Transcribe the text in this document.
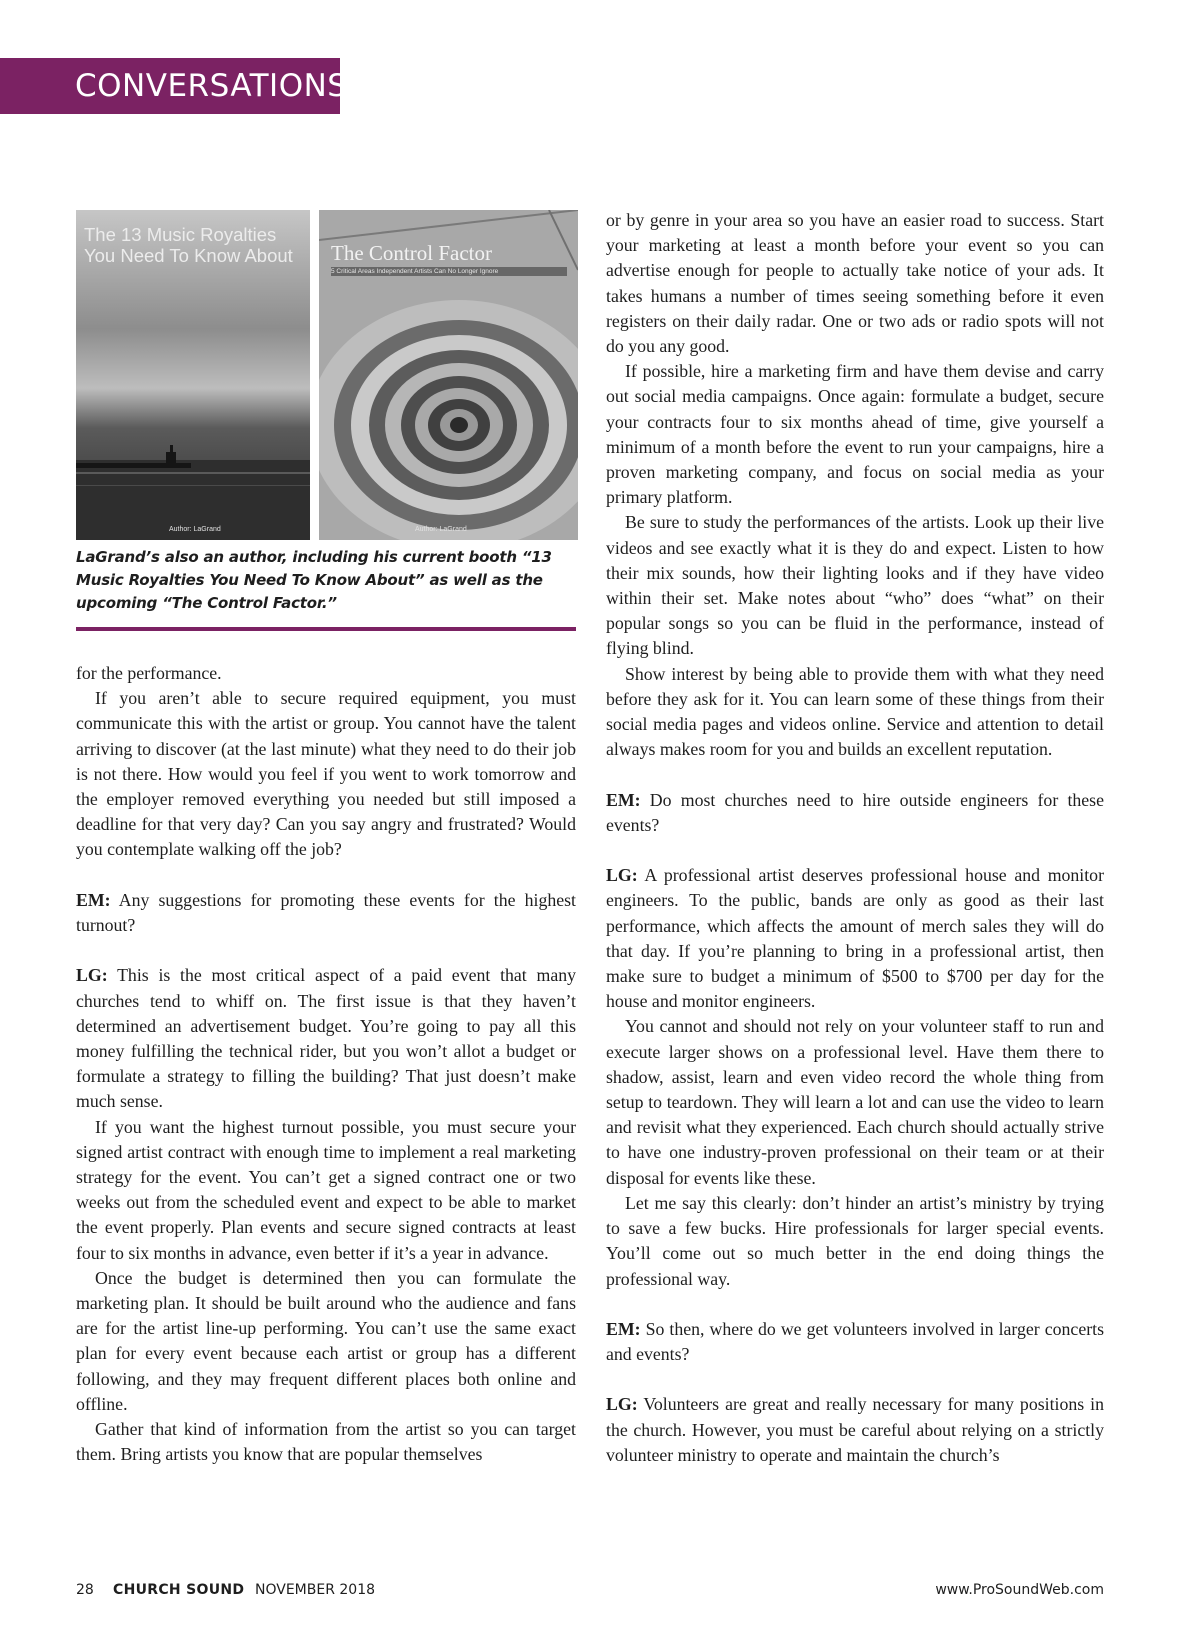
CONVERSATIONS
The 13 Music Royalties You Need To Know About
Author: LaGrand
The Control Factor
5 Critical Areas Independent Artists Can No Longer Ignore
Author: LaGrand
LaGrand’s also an author, including his current booth “13 Music Royalties You Need To Know About” as well as the upcoming “The Control Factor.”

for the performance.

If you aren’t able to secure required equipment, you must communicate this with the artist or group. You cannot have the talent arriving to discover (at the last minute) what they need to do their job is not there. How would you feel if you went to work tomorrow and the employer removed everything you needed but still imposed a deadline for that very day? Can you say angry and frustrated? Would you contemplate walking off the job?

EM: Any suggestions for promoting these events for the highest turnout?

LG: This is the most critical aspect of a paid event that many churches tend to whiff on. The first issue is that they haven’t determined an advertisement budget. You’re going to pay all this money fulfilling the technical rider, but you won’t allot a budget or formulate a strategy to filling the building? That just doesn’t make much sense.

If you want the highest turnout possible, you must secure your signed artist contract with enough time to implement a real marketing strategy for the event. You can’t get a signed contract one or two weeks out from the scheduled event and expect to be able to market the event properly. Plan events and secure signed contracts at least four to six months in advance, even better if it’s a year in advance.

Once the budget is determined then you can formulate the marketing plan. It should be built around who the audience and fans are for the artist line-up performing. You can’t use the same exact plan for every event because each artist or group has a different following, and they may frequent different places both online and offline.

Gather that kind of information from the artist so you can target them. Bring artists you know that are popular themselves

or by genre in your area so you have an easier road to success. Start your marketing at least a month before your event so you can advertise enough for people to actually take notice of your ads. It takes humans a number of times seeing something before it even registers on their daily radar. One or two ads or radio spots will not do you any good.

If possible, hire a marketing firm and have them devise and carry out social media campaigns. Once again: formulate a budget, secure your contracts four to six months ahead of time, give yourself a minimum of a month before the event to run your campaigns, hire a proven marketing company, and focus on social media as your primary platform.

Be sure to study the performances of the artists. Look up their live videos and see exactly what it is they do and expect. Listen to how their mix sounds, how their lighting looks and if they have video within their set. Make notes about “who” does “what” on their popular songs so you can be fluid in the performance, instead of flying blind.

Show interest by being able to provide them with what they need before they ask for it. You can learn some of these things from their social media pages and videos online. Service and attention to detail always makes room for you and builds an excellent reputation.

EM: Do most churches need to hire outside engineers for these events?

LG: A professional artist deserves professional house and monitor engineers. To the public, bands are only as good as their last performance, which affects the amount of merch sales they will do that day. If you’re planning to bring in a professional artist, then make sure to budget a minimum of $500 to $700 per day for the house and monitor engineers.

You cannot and should not rely on your volunteer staff to run and execute larger shows on a professional level. Have them there to shadow, assist, learn and even video record the whole thing from setup to teardown. They will learn a lot and can use the video to learn and revisit what they experienced. Each church should actually strive to have one industry-proven professional on their team or at their disposal for events like these.

Let me say this clearly: don’t hinder an artist’s ministry by trying to save a few bucks. Hire professionals for larger special events. You’ll come out so much better in the end doing things the professional way.

EM: So then, where do we get volunteers involved in larger concerts and events?

LG: Volunteers are great and really necessary for many positions in the church. However, you must be careful about relying on a strictly volunteer ministry to operate and maintain the church’s

28 CHURCH SOUND NOVEMBER 2018	www.ProSoundWeb.com
